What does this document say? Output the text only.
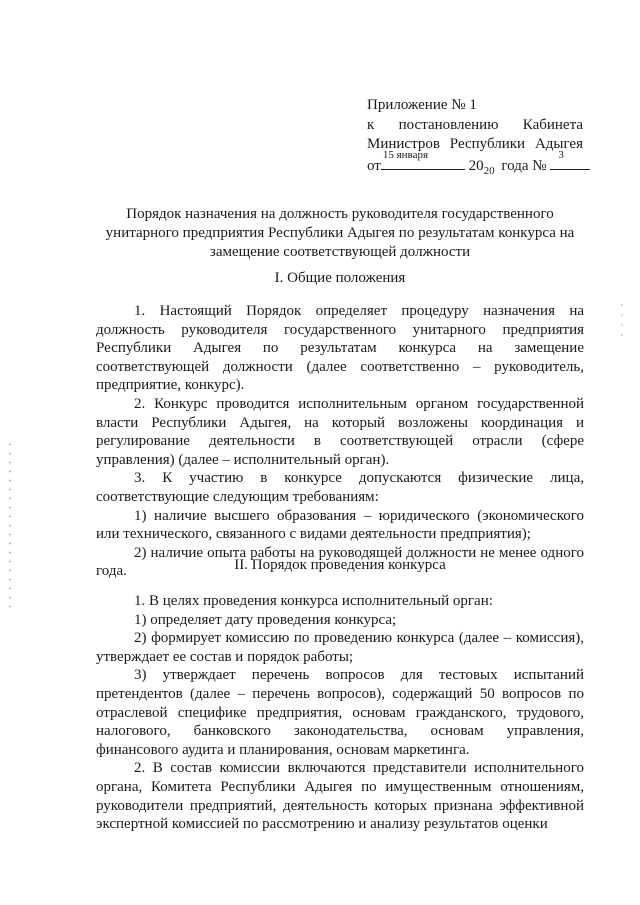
Приложение № 1
к постановлению Кабинета
Министров Республики Адыгея
от
15 января
20 20 года №
3
Порядок назначения на должность руководителя государственного
унитарного предприятия Республики Адыгея по результатам конкурса на
замещение соответствующей должности
I. Общие положения

1. Настоящий Порядок определяет процедуру назначения на должность руководителя государственного унитарного предприятия Республики Адыгея по результатам конкурса на замещение соответствующей должности (далее соответственно – руководитель, предприятие, конкурс).

2. Конкурс проводится исполнительным органом государственной власти Республики Адыгея, на который возложены координация и регулирование деятельности в соответствующей отрасли (сфере управления) (далее – исполнительный орган).

3. К участию в конкурсе допускаются физические лица, соответствующие следующим требованиям:

1) наличие высшего образования – юридического (экономического или технического, связанного с видами деятельности предприятия);

2) наличие опыта работы на руководящей должности не менее одного года.	II. Порядок проведения конкурса

1. В целях проведения конкурса исполнительный орган:

1) определяет дату проведения конкурса;

2) формирует комиссию по проведению конкурса (далее – комиссия), утверждает ее состав и порядок работы;

3) утверждает перечень вопросов для тестовых испытаний претендентов (далее – перечень вопросов), содержащий 50 вопросов по отраслевой специфике предприятия, основам гражданского, трудового, налогового, банковского законодательства, основам управления, финансового аудита и планирования, основам маркетинга.

2. В состав комиссии включаются представители исполнительного органа, Комитета Республики Адыгея по имущественным отношениям, руководители предприятий, деятельность которых признана эффективной экспертной комиссией по рассмотрению и анализу результатов оценки
